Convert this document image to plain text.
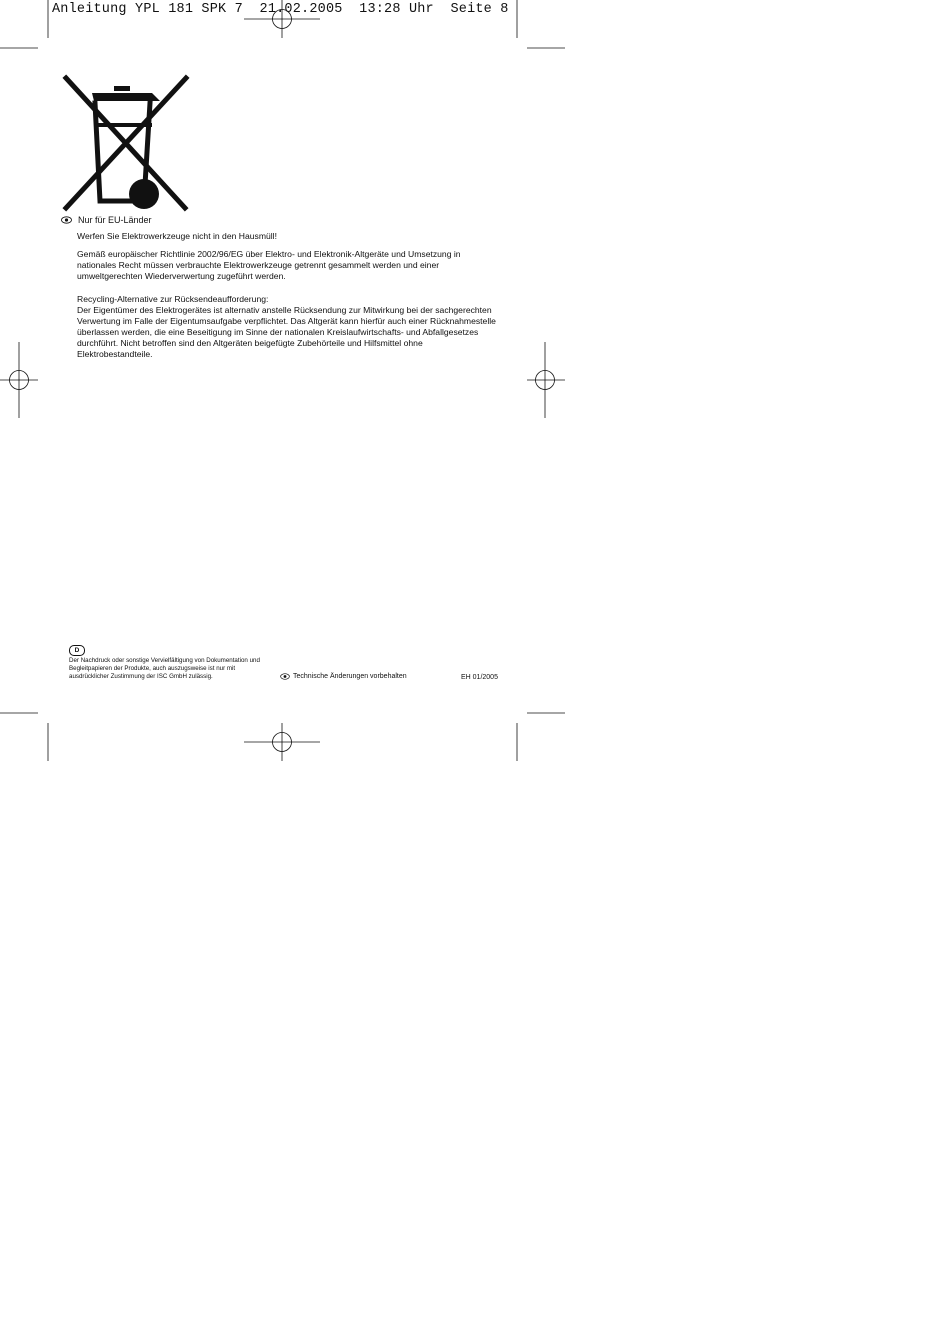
Anleitung YPL 181 SPK 7  21.02.2005  13:28 Uhr  Seite 8
Nur für EU-Länder

Werfen Sie Elektrowerkzeuge nicht in den Hausmüll!

Gemäß europäischer Richtlinie 2002/96/EG über Elektro- und Elektronik-Altgeräte und Umsetzung in nationales Recht müssen verbrauchte Elektrowerkzeuge getrennt gesammelt werden und einer umweltgerechten Wiederverwertung zugeführt werden.

Recycling-Alternative zur Rücksendeaufforderung:

Der Eigentümer des Elektrogerätes ist alternativ anstelle Rücksendung zur Mitwirkung bei der sachgerechten Verwertung im Falle der Eigentumsaufgabe verpflichtet. Das Altgerät kann hierfür auch einer Rücknahmestelle überlassen werden, die eine Beseitigung im Sinne der nationalen Kreislaufwirtschafts- und Abfallgesetzes durchführt. Nicht betroffen sind den Altgeräten beigefügte Zubehörteile und Hilfsmittel ohne Elektrobestandteile.

D
Der Nachdruck oder sonstige Vervielfältigung von Dokumentation und Begleitpapieren der Produkte, auch auszugsweise ist nur mit ausdrücklicher Zustimmung der ISC GmbH zulässig.	Technische Änderungen vorbehalten	EH 01/2005
